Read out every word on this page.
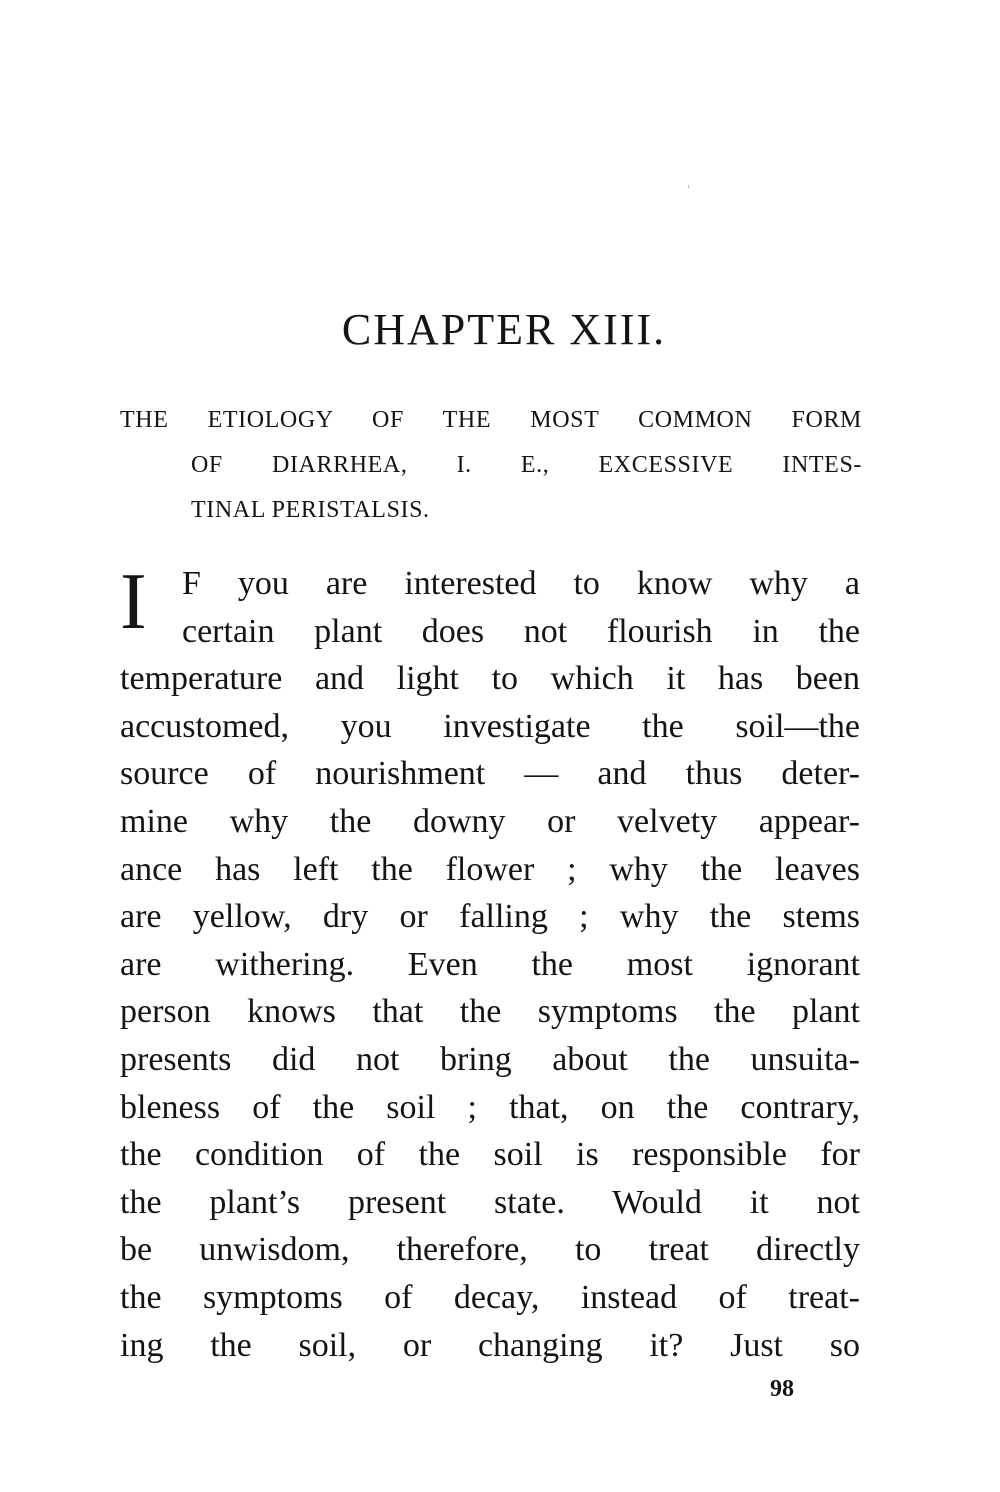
CHAPTER XIII.

THE ETIOLOGY OF THE MOST COMMON FORM
OF DIARRHEA, I. E., EXCESSIVE INTES-
TINAL PERISTALSIS.

I	F you are interested to know why a
certain plant does not flourish in the
temperature and light to which it has been
accustomed, you investigate the soil—the
source of nourishment — and thus deter-
mine why the downy or velvety appear-
ance has left the flower ; why the leaves
are yellow, dry or falling ; why the stems
are withering. Even the most ignorant
person knows that the symptoms the plant
presents did not bring about the unsuita-
bleness of the soil ; that, on the contrary,
the condition of the soil is responsible for
the plant’s present state. Would it not
be unwisdom, therefore, to treat directly
the symptoms of decay, instead of treat-
ing the soil, or changing it? Just so

98
